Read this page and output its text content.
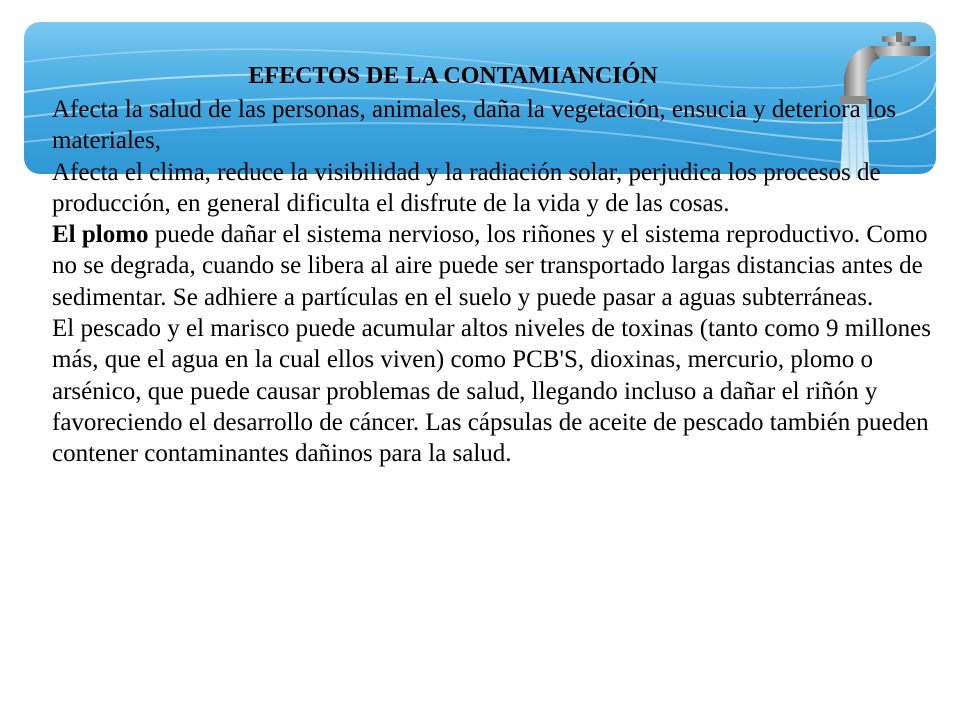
EFECTOS DE LA CONTAMIANCIÓN

Afecta la salud de las personas, animales, daña la vegetación, ensucia y deteriora los materiales,

Afecta el clima, reduce la visibilidad y la radiación solar, perjudica los procesos de producción, en general dificulta el disfrute de la vida y de las cosas.

El plomo puede dañar el sistema nervioso, los riñones y el sistema reproductivo. Como no se degrada, cuando se libera al aire puede ser transportado largas distancias antes de sedimentar. Se adhiere a partículas en el suelo y puede pasar a aguas subterráneas.

El pescado y el marisco puede acumular altos niveles de toxinas (tanto como 9 millones más, que el agua en la cual ellos viven) como PCB'S, dioxinas, mercurio, plomo o arsénico, que puede causar problemas de salud, llegando incluso a dañar el riñón y favoreciendo el desarrollo de cáncer. Las cápsulas de aceite de pescado también pueden contener contaminantes dañinos para la salud.
